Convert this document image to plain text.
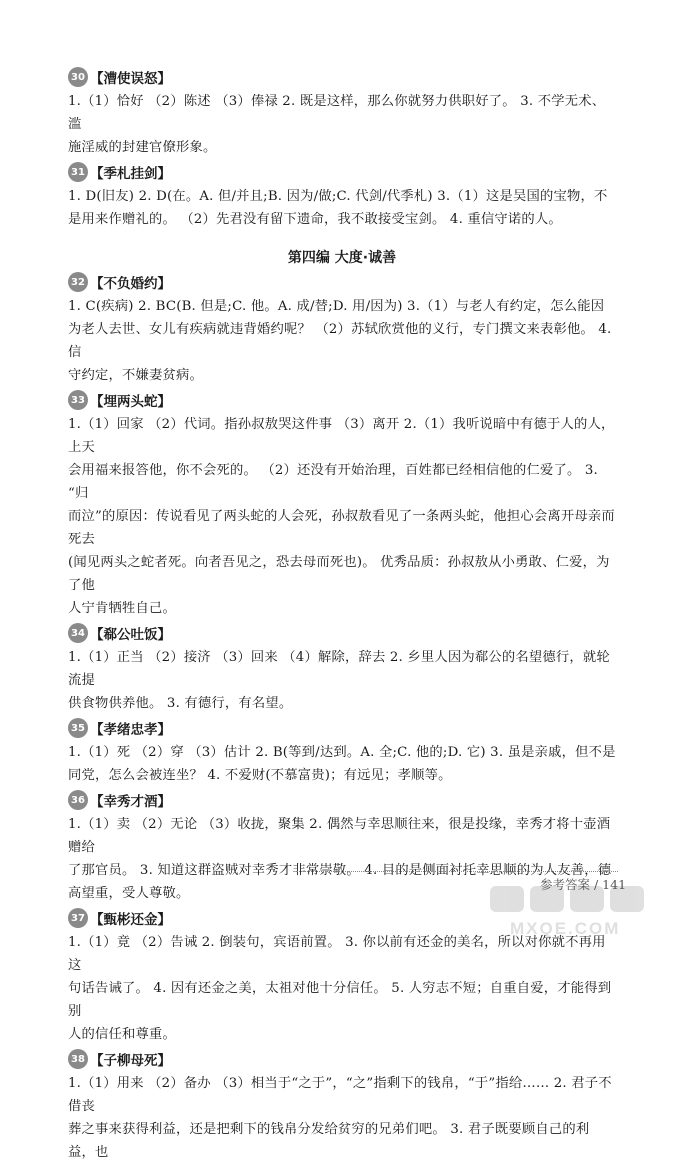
30 【漕使误怒】
1.（1）恰好 （2）陈述 （3）俸禄 2. 既是这样，那么你就努力供职好了。 3. 不学无术、滥
施淫威的封建官僚形象。
31 【季札挂剑】
1. D(旧友) 2. D(在。A. 但/并且;B. 因为/做;C. 代剑/代季札) 3.（1）这是吴国的宝物，不
是用来作赠礼的。 （2）先君没有留下遗命，我不敢接受宝剑。 4. 重信守诺的人。
第四编 大度·诚善
32 【不负婚约】
1. C(疾病) 2. BC(B. 但是;C. 他。A. 成/替;D. 用/因为) 3.（1）与老人有约定，怎么能因
为老人去世、女儿有疾病就违背婚约呢？ （2）苏轼欣赏他的义行，专门撰文来表彰他。 4. 信
守约定，不嫌妻贫病。
33 【埋两头蛇】
1.（1）回家 （2）代词。指孙叔敖哭这件事 （3）离开 2.（1）我听说暗中有德于人的人，上天
会用福来报答他，你不会死的。 （2）还没有开始治理，百姓都已经相信他的仁爱了。 3. “归
而泣”的原因：传说看见了两头蛇的人会死，孙叔敖看见了一条两头蛇，他担心会离开母亲而死去
(闻见两头之蛇者死。向者吾见之，恐去母而死也)。 优秀品质：孙叔敖从小勇敢、仁爱，为了他
人宁肯牺牲自己。
34 【郗公吐饭】
1.（1）正当 （2）接济 （3）回来 （4）解除，辞去 2. 乡里人因为郗公的名望德行，就轮流提
供食物供养他。 3. 有德行，有名望。
35 【孝绪忠孝】
1.（1）死 （2）穿 （3）估计 2. B(等到/达到。A. 全;C. 他的;D. 它) 3. 虽是亲戚，但不是
同党，怎么会被连坐？ 4. 不爱财(不慕富贵)；有远见；孝顺等。
36 【幸秀才酒】
1.（1）卖 （2）无论 （3）收拢，聚集 2. 偶然与幸思顺往来，很是投缘，幸秀才将十壶酒赠给
了那官员。 3. 知道这群盗贼对幸秀才非常崇敬。 4. 目的是侧面衬托幸思顺的为人友善，德
高望重，受人尊敬。
37 【甄彬还金】
1.（1）竟 （2）告诫 2. 倒装句，宾语前置。 3. 你以前有还金的美名，所以对你就不再用这
句话告诫了。 4. 因有还金之美，太祖对他十分信任。 5. 人穷志不短；自重自爱，才能得到别
人的信任和尊重。
38 【子柳母死】
1.（1）用来 （2）备办 （3）相当于“之于”，“之”指剩下的钱帛，“于”指给…… 2. 君子不借丧
葬之事来获得利益，还是把剩下的钱帛分发给贫穷的兄弟们吧。 3. 君子既要顾自己的利益，也
参考答案 / 141
MXQE.COM
